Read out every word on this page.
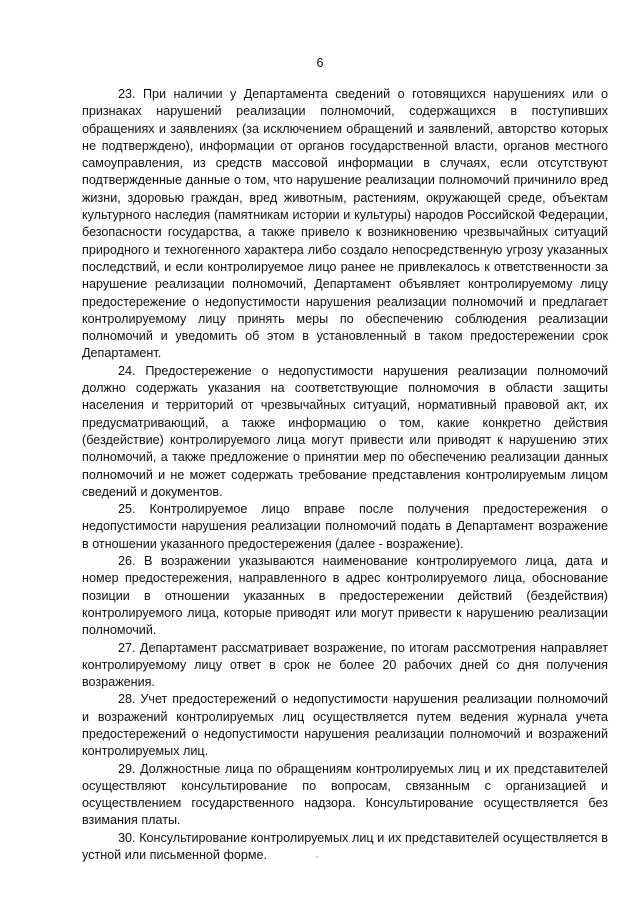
6

23. При наличии у Департамента сведений о готовящихся нарушениях или о признаках нарушений реализации полномочий, содержащихся в поступивших обращениях и заявлениях (за исключением обращений и заявлений, авторство которых не подтверждено), информации от органов государственной власти, органов местного самоуправления, из средств массовой информации в случаях, если отсутствуют подтвержденные данные о том, что нарушение реализации полномочий причинило вред жизни, здоровью граждан, вред животным, растениям, окружающей среде, объектам культурного наследия (памятникам истории и культуры) народов Российской Федерации, безопасности государства, а также привело к возникновению чрезвычайных ситуаций природного и техногенного характера либо создало непосредственную угрозу указанных последствий, и если контролируемое лицо ранее не привлекалось к ответственности за нарушение реализации полномочий, Департамент объявляет контролируемому лицу предостережение о недопустимости нарушения реализации полномочий и предлагает контролируемому лицу принять меры по обеспечению соблюдения реализации полномочий и уведомить об этом в установленный в таком предостережении срок Департамент.

24. Предостережение о недопустимости нарушения реализации полномочий должно содержать указания на соответствующие полномочия в области защиты населения и территорий от чрезвычайных ситуаций, нормативный правовой акт, их предусматривающий, а также информацию о том, какие конкретно действия (бездействие) контролируемого лица могут привести или приводят к нарушению этих полномочий, а также предложение о принятии мер по обеспечению реализации данных полномочий и не может содержать требование представления контролируемым лицом сведений и документов.

25. Контролируемое лицо вправе после получения предостережения о недопустимости нарушения реализации полномочий подать в Департамент возражение в отношении указанного предостережения (далее - возражение).

26. В возражении указываются наименование контролируемого лица, дата и номер предостережения, направленного в адрес контролируемого лица, обоснование позиции в отношении указанных в предостережении действий (бездействия) контролируемого лица, которые приводят или могут привести к нарушению реализации полномочий.

27. Департамент рассматривает возражение, по итогам рассмотрения направляет контролируемому лицу ответ в срок не более 20 рабочих дней со дня получения возражения.

28. Учет предостережений о недопустимости нарушения реализации полномочий и возражений контролируемых лиц осуществляется путем ведения журнала учета предостережений о недопустимости нарушения реализации полномочий и возражений контролируемых лиц.

29. Должностные лица по обращениям контролируемых лиц и их представителей осуществляют консультирование по вопросам, связанным с организацией и осуществлением государственного надзора. Консультирование осуществляется без взимания платы.

30. Консультирование контролируемых лиц и их представителей осуществляется в устной или письменной форме.
